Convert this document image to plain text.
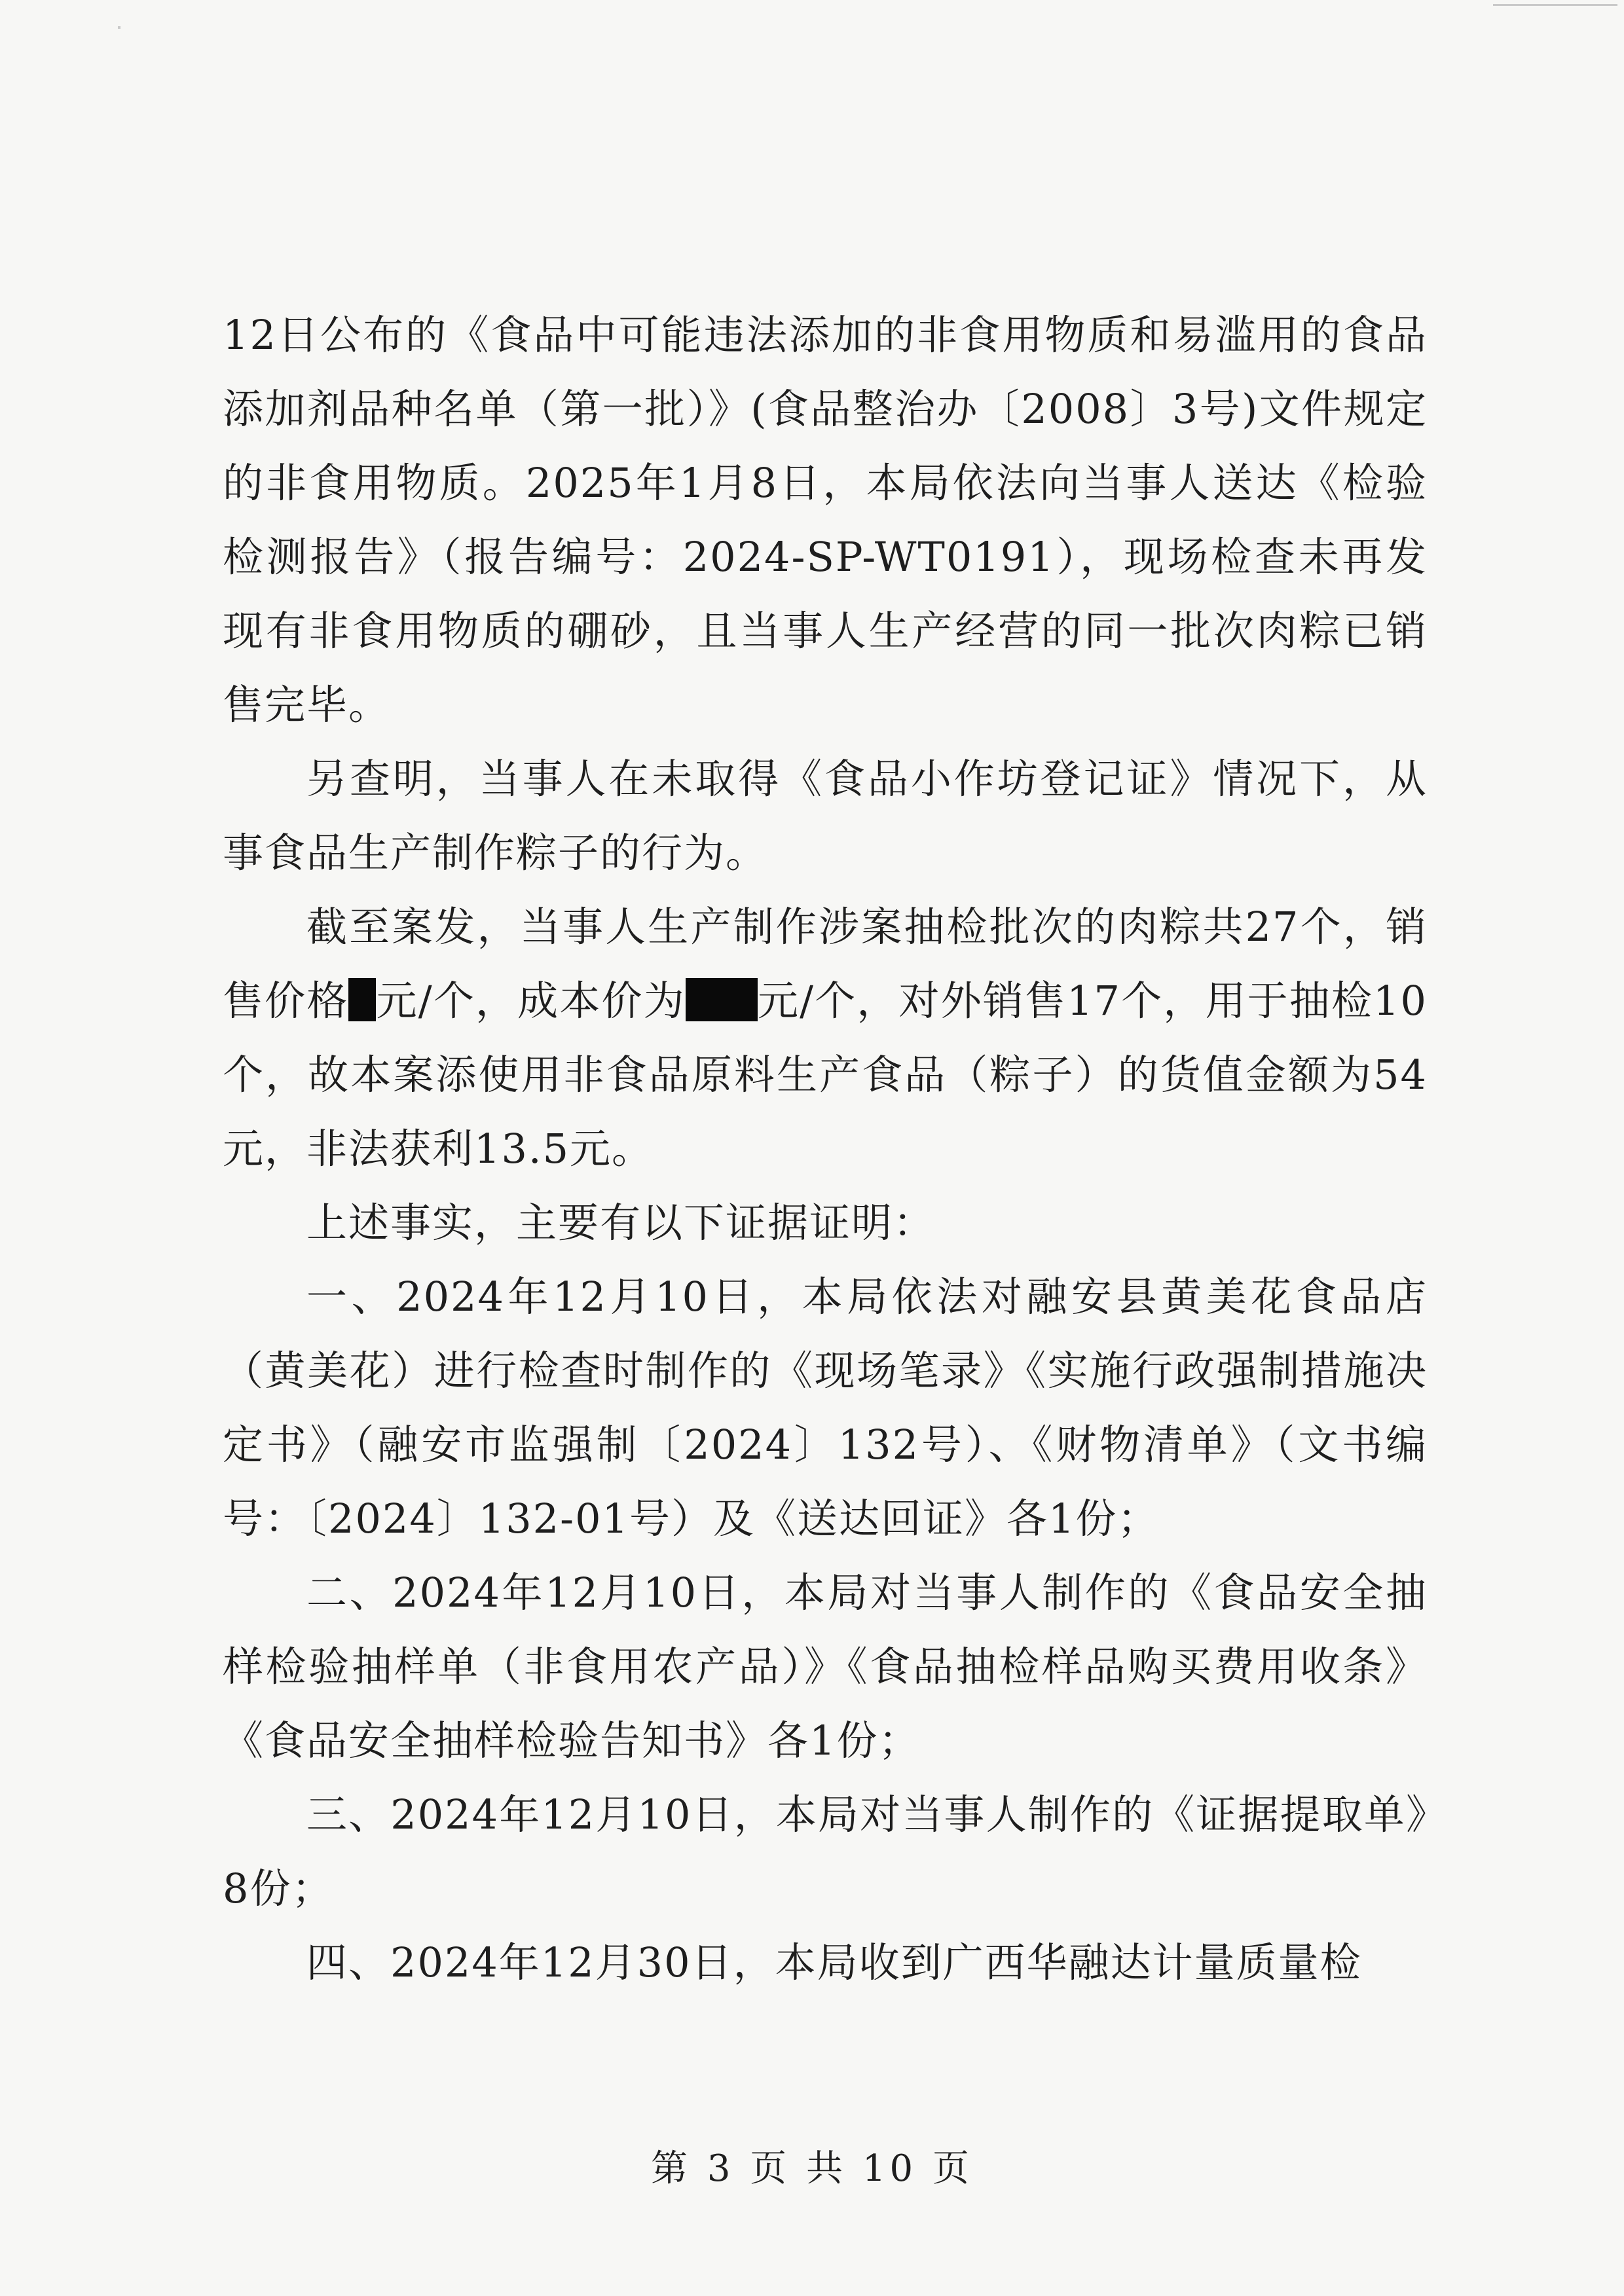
12日公布的《食品中可能违法添加的非食用物质和易滥用的食品添加剂品种名单（第一批）》(食品整治办〔2008〕3号)文件规定的非食用物质。2025年1月8日，本局依法向当事人送达《检验检测报告》（报告编号：2024-SP-WT0191），现场检查未再发现有非食用物质的硼砂，且当事人生产经营的同一批次肉粽已销售完毕。

另查明，当事人在未取得《食品小作坊登记证》情况下，从事食品生产制作粽子的行为。

截至案发，当事人生产制作涉案抽检批次的肉粽共27个，销售价格 元/个，成本价为 元/个，对外销售17个，用于抽检10个，故本案添使用非食品原料生产食品（粽子）的货值金额为54元，非法获利13.5元。

上述事实，主要有以下证据证明：

一、2024年12月10日，本局依法对融安县黄美花食品店（黄美花）进行检查时制作的《现场笔录》《实施行政强制措施决定书》（融安市监强制〔2024〕132号）、《财物清单》（文书编号：〔2024〕132-01号）及《送达回证》各1份；

二、2024年12月10日，本局对当事人制作的《食品安全抽样检验抽样单（非食用农产品）》《食品抽检样品购买费用收条》《食品安全抽样检验告知书》各1份；

三、2024年12月10日，本局对当事人制作的《证据提取单》8份；

四、2024年12月30日，本局收到广西华融达计量质量检

第 3 页 共 10 页
